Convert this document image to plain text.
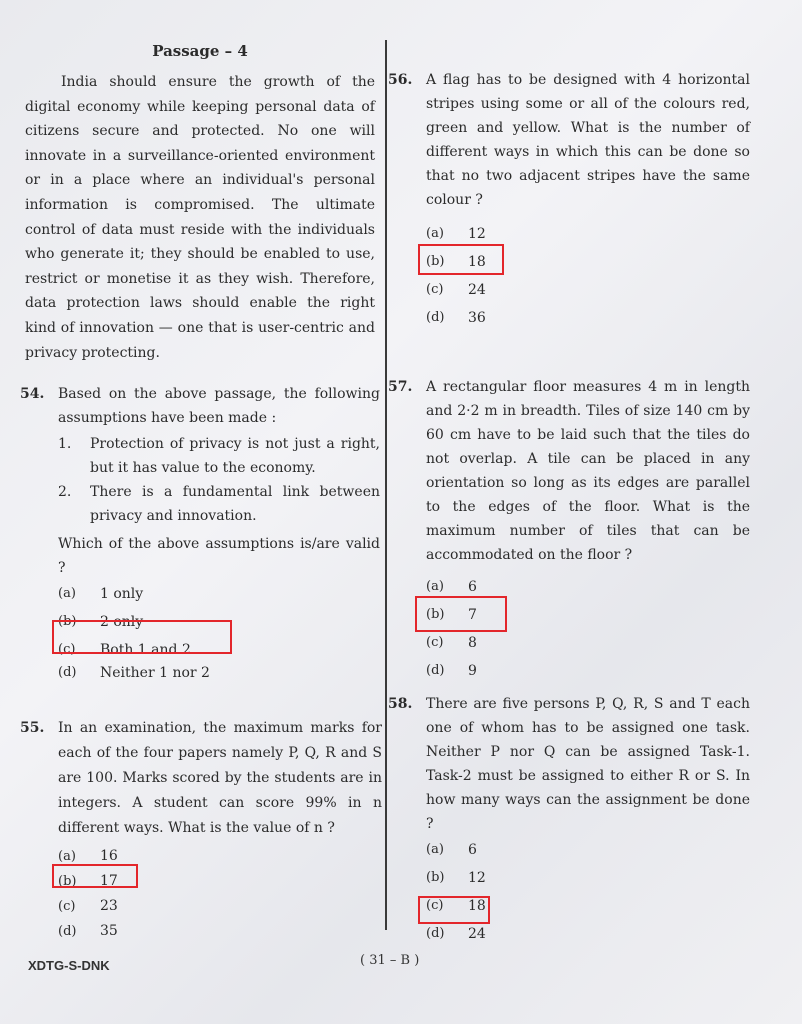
Passage – 4

India should ensure the growth of the digital economy while keeping personal data of citizens secure and protected. No one will innovate in a surveillance-oriented environment or in a place where an individual's personal information is compromised. The ultimate control of data must reside with the individuals who generate it; they should be enabled to use, restrict or monetise it as they wish. Therefore, data protection laws should enable the right kind of innovation — one that is user-centric and privacy protecting.

54. Based on the above passage, the following assumptions have been made :
1.	Protection of privacy is not just a right, but it has value to the economy.
2.	There is a fundamental link between privacy and innovation.
Which of the above assumptions is/are valid ?
(a)	1 only
(b)	2 only
(c)	Both 1 and 2
(d)	Neither 1 nor 2
55. In an examination, the maximum marks for each of the four papers namely P, Q, R and S are 100. Marks scored by the students are in integers. A student can score 99% in n different ways. What is the value of n ?
(a)	16
(b)	17
(c)	23
(d)	35
56. A flag has to be designed with 4 horizontal stripes using some or all of the colours red, green and yellow. What is the number of different ways in which this can be done so that no two adjacent stripes have the same colour ?
(a)	12
(b)	18
(c)	24
(d)	36
57. A rectangular floor measures 4 m in length and 2·2 m in breadth. Tiles of size 140 cm by 60 cm have to be laid such that the tiles do not overlap. A tile can be placed in any orientation so long as its edges are parallel to the edges of the floor. What is the maximum number of tiles that can be accommodated on the floor ?
(a)	6
(b)	7
(c)	8
(d)	9
58. There are five persons P, Q, R, S and T each one of whom has to be assigned one task. Neither P nor Q can be assigned Task-1. Task-2 must be assigned to either R or S. In how many ways can the assignment be done ?
(a)	6
(b)	12
(c)	18
(d)	24
XDTG-S-DNK	( 31 – B )
